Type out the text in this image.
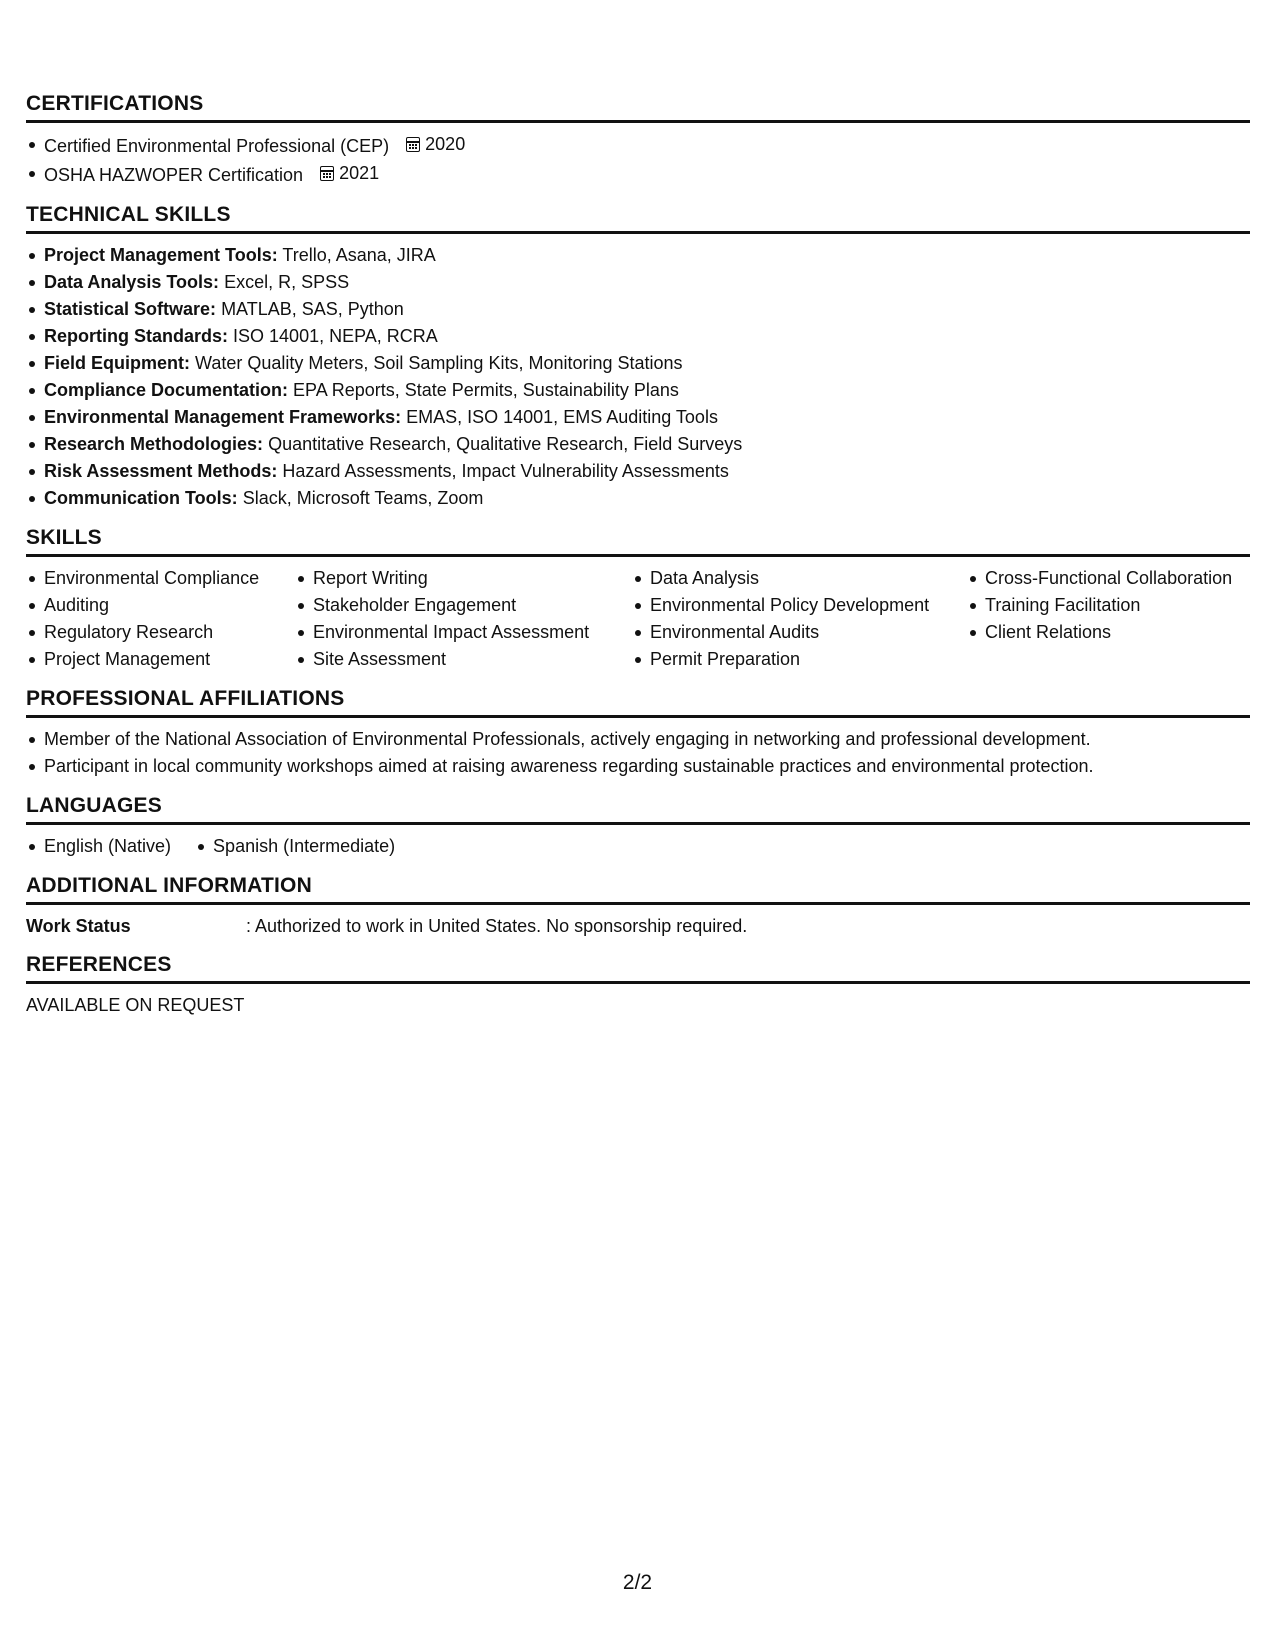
CERTIFICATIONS
Certified Environmental Professional (CEP) 2020
OSHA HAZWOPER Certification 2021
TECHNICAL SKILLS
Project Management Tools: Trello, Asana, JIRA
Data Analysis Tools: Excel, R, SPSS
Statistical Software: MATLAB, SAS, Python
Reporting Standards: ISO 14001, NEPA, RCRA
Field Equipment: Water Quality Meters, Soil Sampling Kits, Monitoring Stations
Compliance Documentation: EPA Reports, State Permits, Sustainability Plans
Environmental Management Frameworks: EMAS, ISO 14001, EMS Auditing Tools
Research Methodologies: Quantitative Research, Qualitative Research, Field Surveys
Risk Assessment Methods: Hazard Assessments, Impact Vulnerability Assessments
Communication Tools: Slack, Microsoft Teams, Zoom
SKILLS
Environmental Compliance
Auditing
Regulatory Research
Project Management
Report Writing
Stakeholder Engagement
Environmental Impact Assessment
Site Assessment
Data Analysis
Environmental Policy Development
Environmental Audits
Permit Preparation
Cross-Functional Collaboration
Training Facilitation
Client Relations
PROFESSIONAL AFFILIATIONS
Member of the National Association of Environmental Professionals, actively engaging in networking and professional development.
Participant in local community workshops aimed at raising awareness regarding sustainable practices and environmental protection.
LANGUAGES
English (Native)	Spanish (Intermediate)
ADDITIONAL INFORMATION
Work Status	: Authorized to work in United States. No sponsorship required.
REFERENCES
AVAILABLE ON REQUEST
2/2
